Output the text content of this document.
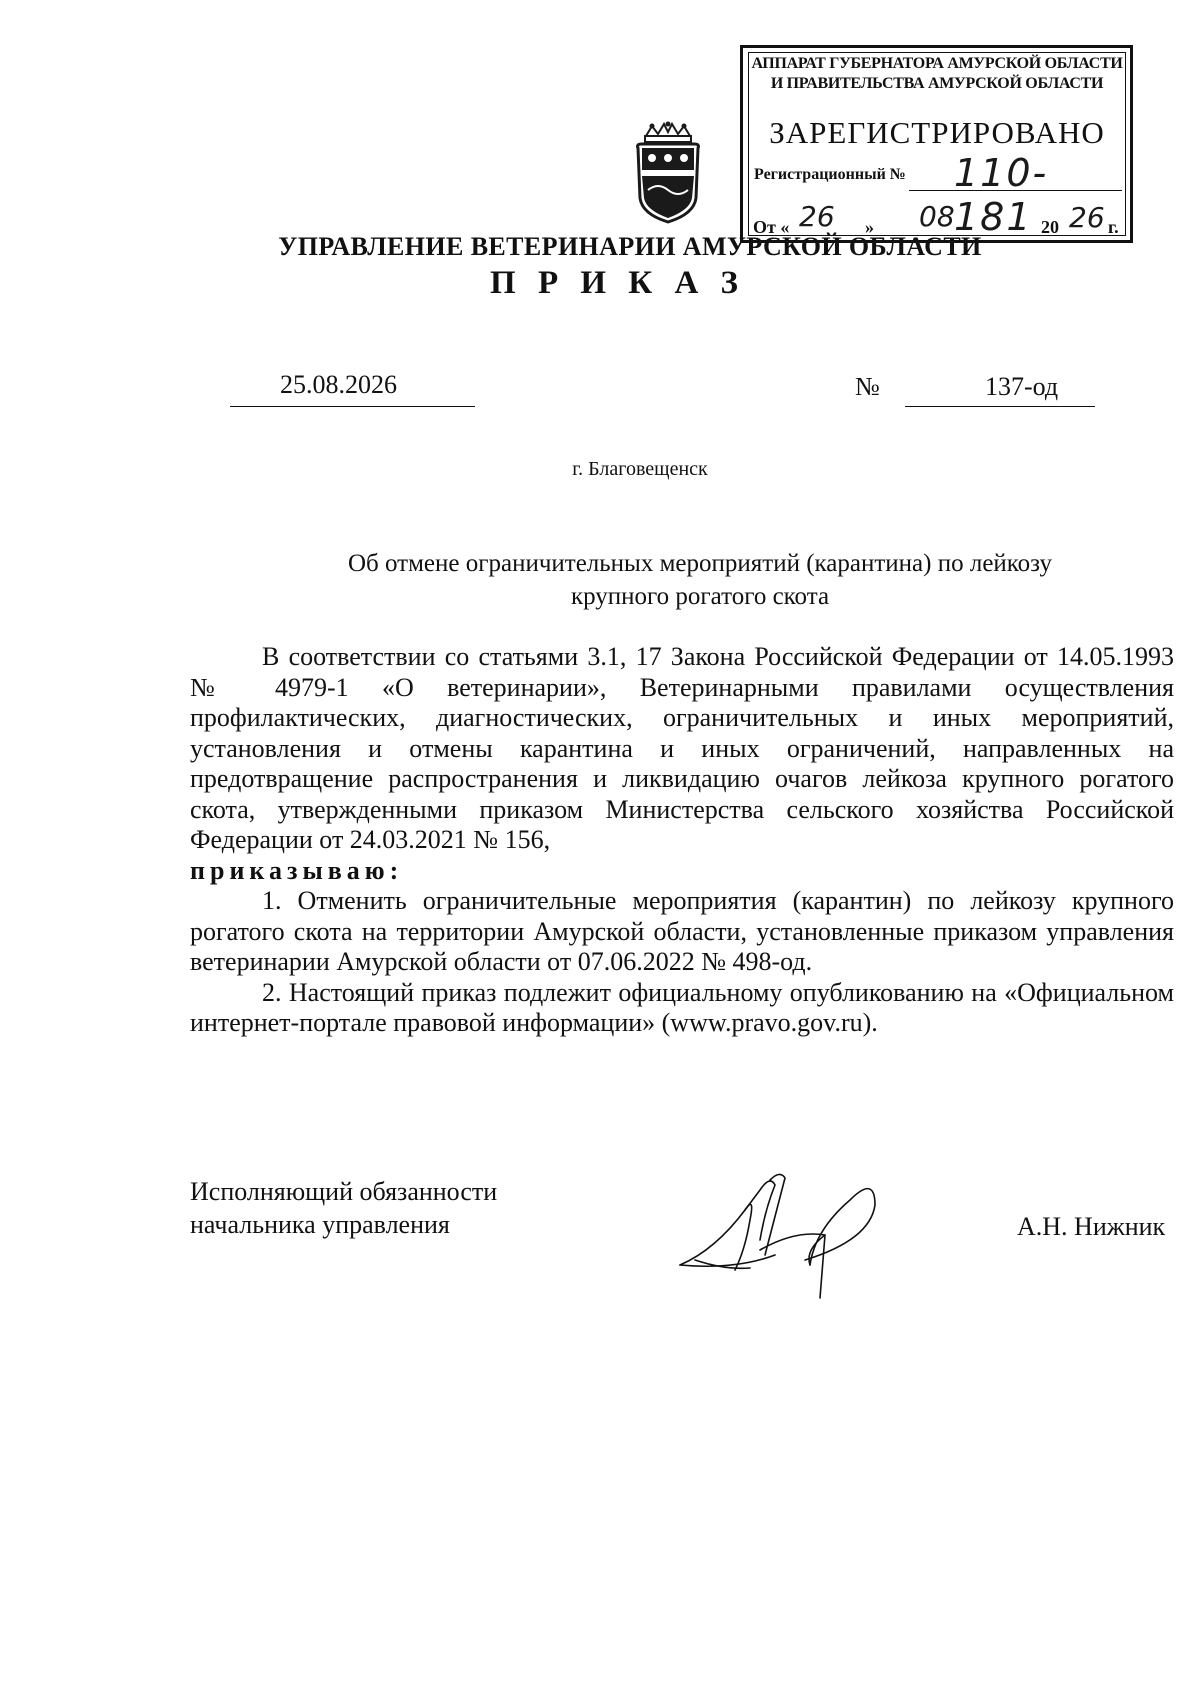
АППАРАТ ГУБЕРНАТОРА АМУРСКОЙ ОБЛАСТИ
И ПРАВИТЕЛЬСТВА АМУРСКОЙ ОБЛАСТИ
ЗАРЕГИСТРИРОВАНО
Регистрационный № 110-181
От « 26 » 08	20 26 г.
УПРАВЛЕНИЕ ВЕТЕРИНАРИИ АМУРСКОЙ ОБЛАСТИ
П Р И К А З
25.08.2026	№	137-од
г. Благовещенск
Об отмене ограничительных мероприятий (карантина) по лейкозу
крупного рогатого скота

В соответствии со статьями 3.1, 17 Закона Российской Федерации от 14.05.1993 № 4979-1 «О ветеринарии», Ветеринарными правилами осуществления профилактических, диагностических, ограничительных и иных мероприятий, установления и отмены карантина и иных ограничений, направленных на предотвращение распространения и ликвидацию очагов лейкоза крупного рогатого скота, утвержденными приказом Министерства сельского хозяйства Российской Федерации от 24.03.2021 № 156,

приказываю:

1. Отменить ограничительные мероприятия (карантин) по лейкозу крупного рогатого скота на территории Амурской области, установленные приказом управления ветеринарии Амурской области от 07.06.2022 № 498-од.

2. Настоящий приказ подлежит официальному опубликованию на «Официальном интернет-портале правовой информации» (www.pravo.gov.ru).

Исполняющий обязанности
начальника управления	А.Н. Нижник
